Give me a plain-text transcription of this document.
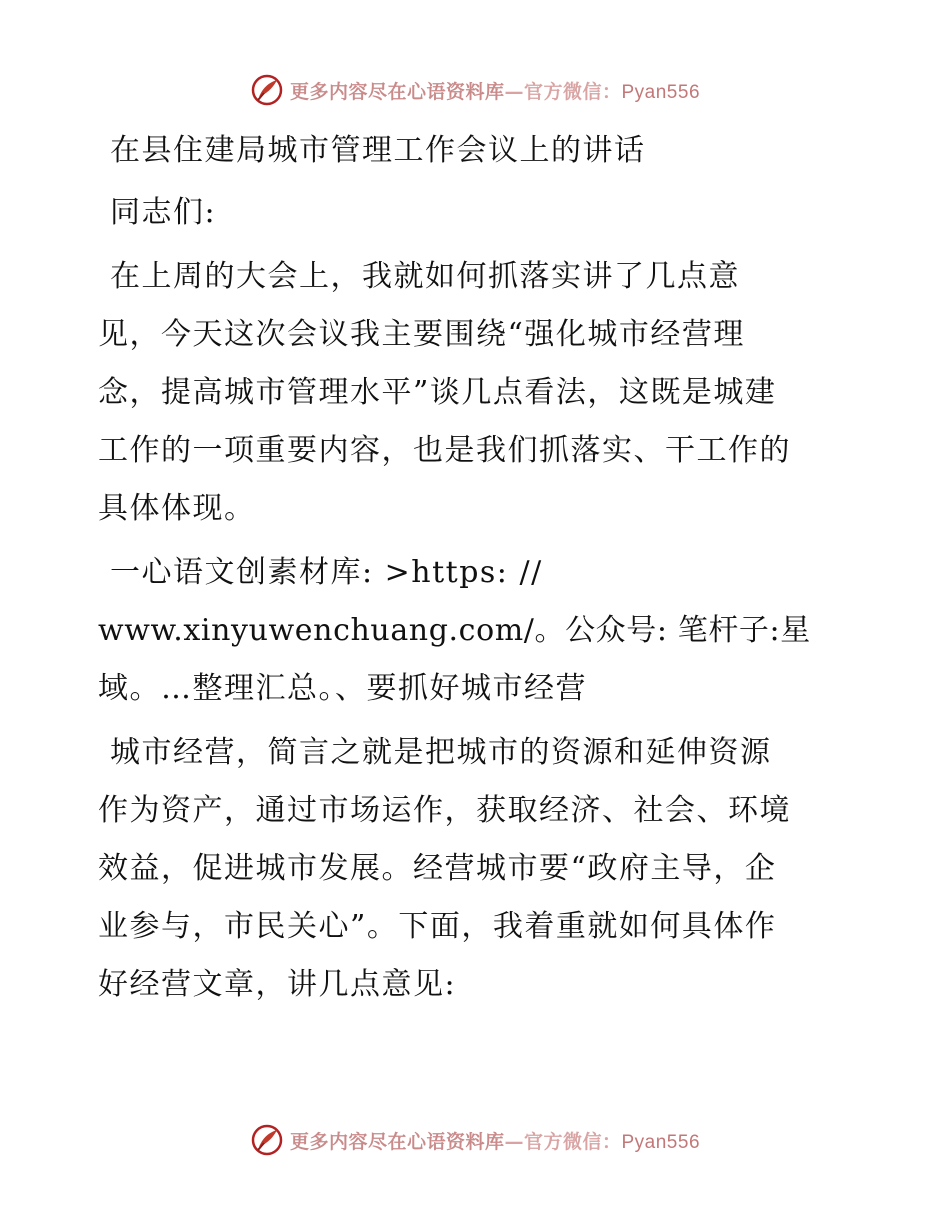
更多内容尽在心语资料库—官方微信：Pyan556
在县住建局城市管理工作会议上的讲话
同志们:
在上周的大会上，我就如何抓落实讲了几点意
见，今天这次会议我主要围绕“强化城市经营理
念，提高城市管理水平”谈几点看法，这既是城建
工作的一项重要内容，也是我们抓落实、干工作的
具体体现。
一心语文创素材库: >https: //
www.xinyuwenchuang.com/。公众号: 笔杆子:星
域。…整理汇总。、要抓好城市经营
城市经营，简言之就是把城市的资源和延伸资源
作为资产，通过市场运作，获取经济、社会、环境
效益，促进城市发展。经营城市要“政府主导，企
业参与，市民关心”。下面，我着重就如何具体作
好经营文章，讲几点意见:
更多内容尽在心语资料库—官方微信：Pyan556
